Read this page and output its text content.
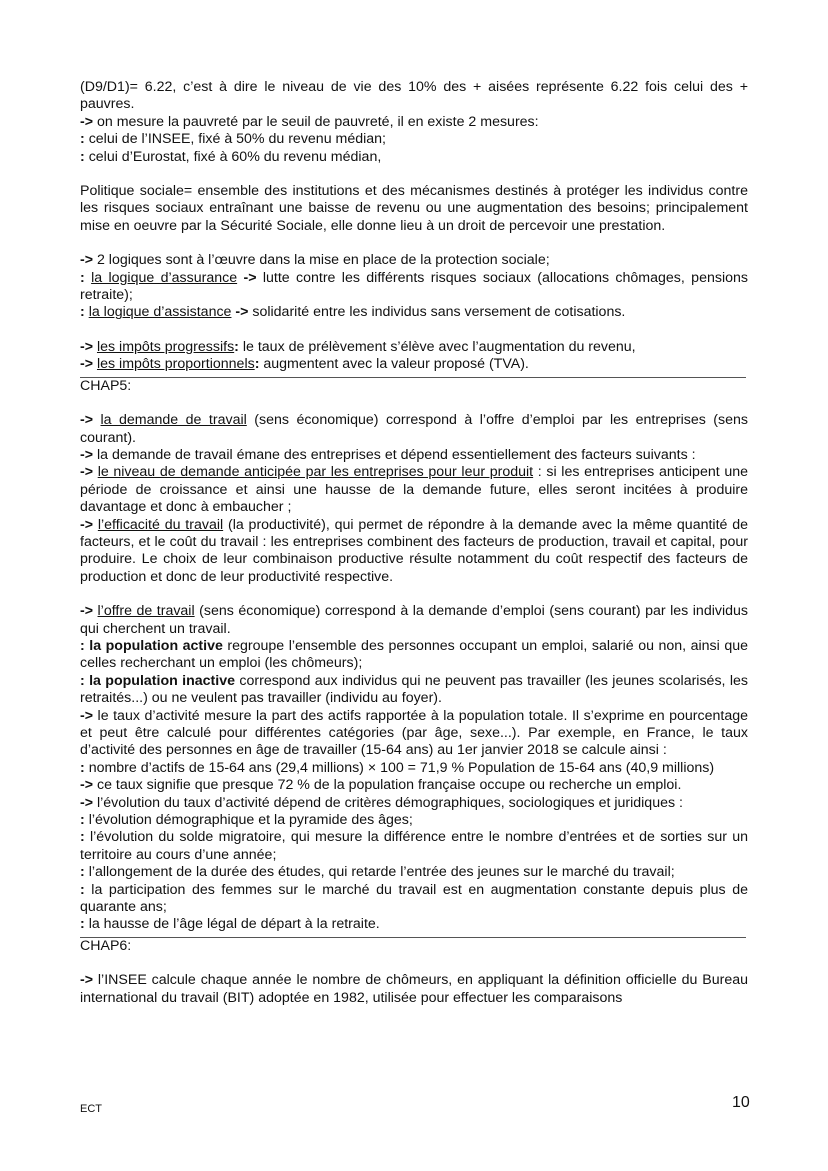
(D9/D1)= 6.22, c’est à dire le niveau de vie des 10% des + aisées représente 6.22 fois celui des + pauvres.

-> on mesure la pauvreté par le seuil de pauvreté, il en existe 2 mesures:

: celui de l’INSEE, fixé à 50% du revenu médian;

: celui d’Eurostat, fixé à 60% du revenu médian,

Politique sociale= ensemble des institutions et des mécanismes destinés à protéger les individus contre les risques sociaux entraînant une baisse de revenu ou une augmentation des besoins; principalement mise en oeuvre par la Sécurité Sociale, elle donne lieu à un droit de percevoir une prestation.

-> 2 logiques sont à l’œuvre dans la mise en place de la protection sociale;

: la logique d’assurance -> lutte contre les différents risques sociaux (allocations chômages, pensions retraite);

: la logique d’assistance -> solidarité entre les individus sans versement de cotisations.

-> les impôts progressifs: le taux de prélèvement s’élève avec l’augmentation du revenu,

-> les impôts proportionnels: augmentent avec la valeur proposé (TVA).

CHAP5:

-> la demande de travail (sens économique) correspond à l’offre d’emploi par les entreprises (sens courant).

-> la demande de travail émane des entreprises et dépend essentiellement des facteurs suivants :

-> le niveau de demande anticipée par les entreprises pour leur produit : si les entreprises anticipent une période de croissance et ainsi une hausse de la demande future, elles seront incitées à produire davantage et donc à embaucher ;

-> l’efficacité du travail (la productivité), qui permet de répondre à la demande avec la même quantité de facteurs, et le coût du travail : les entreprises combinent des facteurs de production, travail et capital, pour produire. Le choix de leur combinaison productive résulte notamment du coût respectif des facteurs de production et donc de leur productivité respective.

-> l’offre de travail (sens économique) correspond à la demande d’emploi (sens courant) par les individus qui cherchent un travail.

: la population active regroupe l’ensemble des personnes occupant un emploi, salarié ou non, ainsi que celles recherchant un emploi (les chômeurs);

: la population inactive correspond aux individus qui ne peuvent pas travailler (les jeunes scolarisés, les retraités...) ou ne veulent pas travailler (individu au foyer).

-> le taux d’activité mesure la part des actifs rapportée à la population totale. Il s’exprime en pourcentage et peut être calculé pour différentes catégories (par âge, sexe...). Par exemple, en France, le taux d’activité des personnes en âge de travailler (15-64 ans) au 1er janvier 2018 se calcule ainsi :

: nombre d’actifs de 15-64 ans (29,4 millions) × 100 = 71,9 % Population de 15-64 ans (40,9 millions)

-> ce taux signifie que presque 72 % de la population française occupe ou recherche un emploi.

-> l’évolution du taux d’activité dépend de critères démographiques, sociologiques et juridiques :

: l’évolution démographique et la pyramide des âges;

: l’évolution du solde migratoire, qui mesure la différence entre le nombre d’entrées et de sorties sur un territoire au cours d’une année;

: l’allongement de la durée des études, qui retarde l’entrée des jeunes sur le marché du travail;

: la participation des femmes sur le marché du travail est en augmentation constante depuis plus de quarante ans;

: la hausse de l’âge légal de départ à la retraite.

CHAP6:

-> l’INSEE calcule chaque année le nombre de chômeurs, en appliquant la définition officielle du Bureau international du travail (BIT) adoptée en 1982, utilisée pour effectuer les comparaisons

ECT	10
